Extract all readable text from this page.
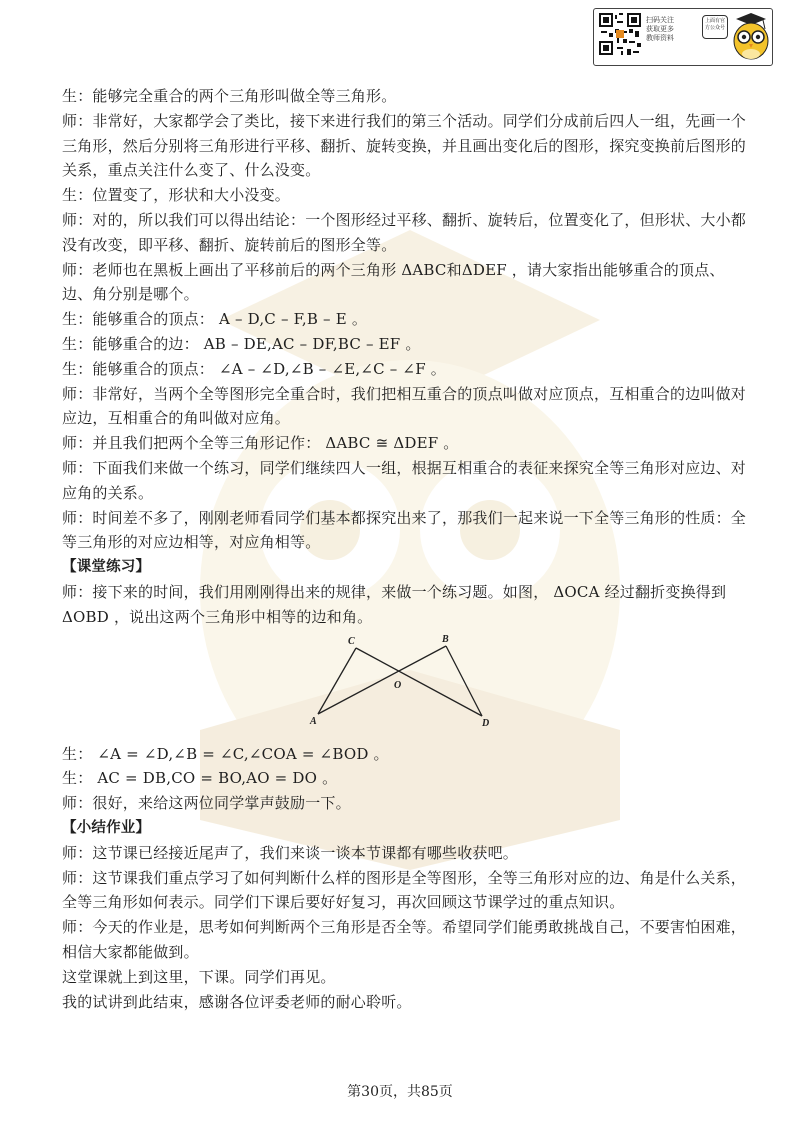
扫码关注
获取更多
教师资料
上面有官方公众号

生：能够完全重合的两个三角形叫做全等三角形。

师：非常好，大家都学会了类比，接下来进行我们的第三个活动。同学们分成前后四人一组，先画一个三角形，然后分别将三角形进行平移、翻折、旋转变换，并且画出变化后的图形，探究变换前后图形的关系，重点关注什么变了、什么没变。

生：位置变了，形状和大小没变。

师：对的，所以我们可以得出结论：一个图形经过平移、翻折、旋转后，位置变化了，但形状、大小都没有改变，即平移、翻折、旋转前后的图形全等。

师：老师也在黑板上画出了平移前后的两个三角形 ΔABC和ΔDEF ，请大家指出能够重合的顶点、边、角分别是哪个。

生：能够重合的顶点： A – D,C – F,B – E 。

生：能够重合的边： AB – DE,AC – DF,BC – EF 。

生：能够重合的顶点： ∠A – ∠D,∠B – ∠E,∠C – ∠F 。

师：非常好，当两个全等图形完全重合时，我们把相互重合的顶点叫做对应顶点，互相重合的边叫做对应边，互相重合的角叫做对应角。

师：并且我们把两个全等三角形记作： ΔABC ≅ ΔDEF 。

师：下面我们来做一个练习，同学们继续四人一组，根据互相重合的表征来探究全等三角形对应边、对应角的关系。

师：时间差不多了，刚刚老师看同学们基本都探究出来了，那我们一起来说一下全等三角形的性质：全等三角形的对应边相等，对应角相等。

【课堂练习】

师：接下来的时间，我们用刚刚得出来的规律，来做一个练习题。如图， ΔOCA 经过翻折变换得到 ΔOBD ，说出这两个三角形中相等的边和角。

C	B
O
A	D

生： ∠A = ∠D,∠B = ∠C,∠COA = ∠BOD 。

生： AC = DB,CO = BO,AO = DO 。

师：很好，来给这两位同学掌声鼓励一下。

【小结作业】

师：这节课已经接近尾声了，我们来谈一谈本节课都有哪些收获吧。

师：这节课我们重点学习了如何判断什么样的图形是全等图形，全等三角形对应的边、角是什么关系，全等三角形如何表示。同学们下课后要好好复习，再次回顾这节课学过的重点知识。

师：今天的作业是，思考如何判断两个三角形是否全等。希望同学们能勇敢挑战自己，不要害怕困难，相信大家都能做到。

这堂课就上到这里，下课。同学们再见。

我的试讲到此结束，感谢各位评委老师的耐心聆听。

第30页，共85页
